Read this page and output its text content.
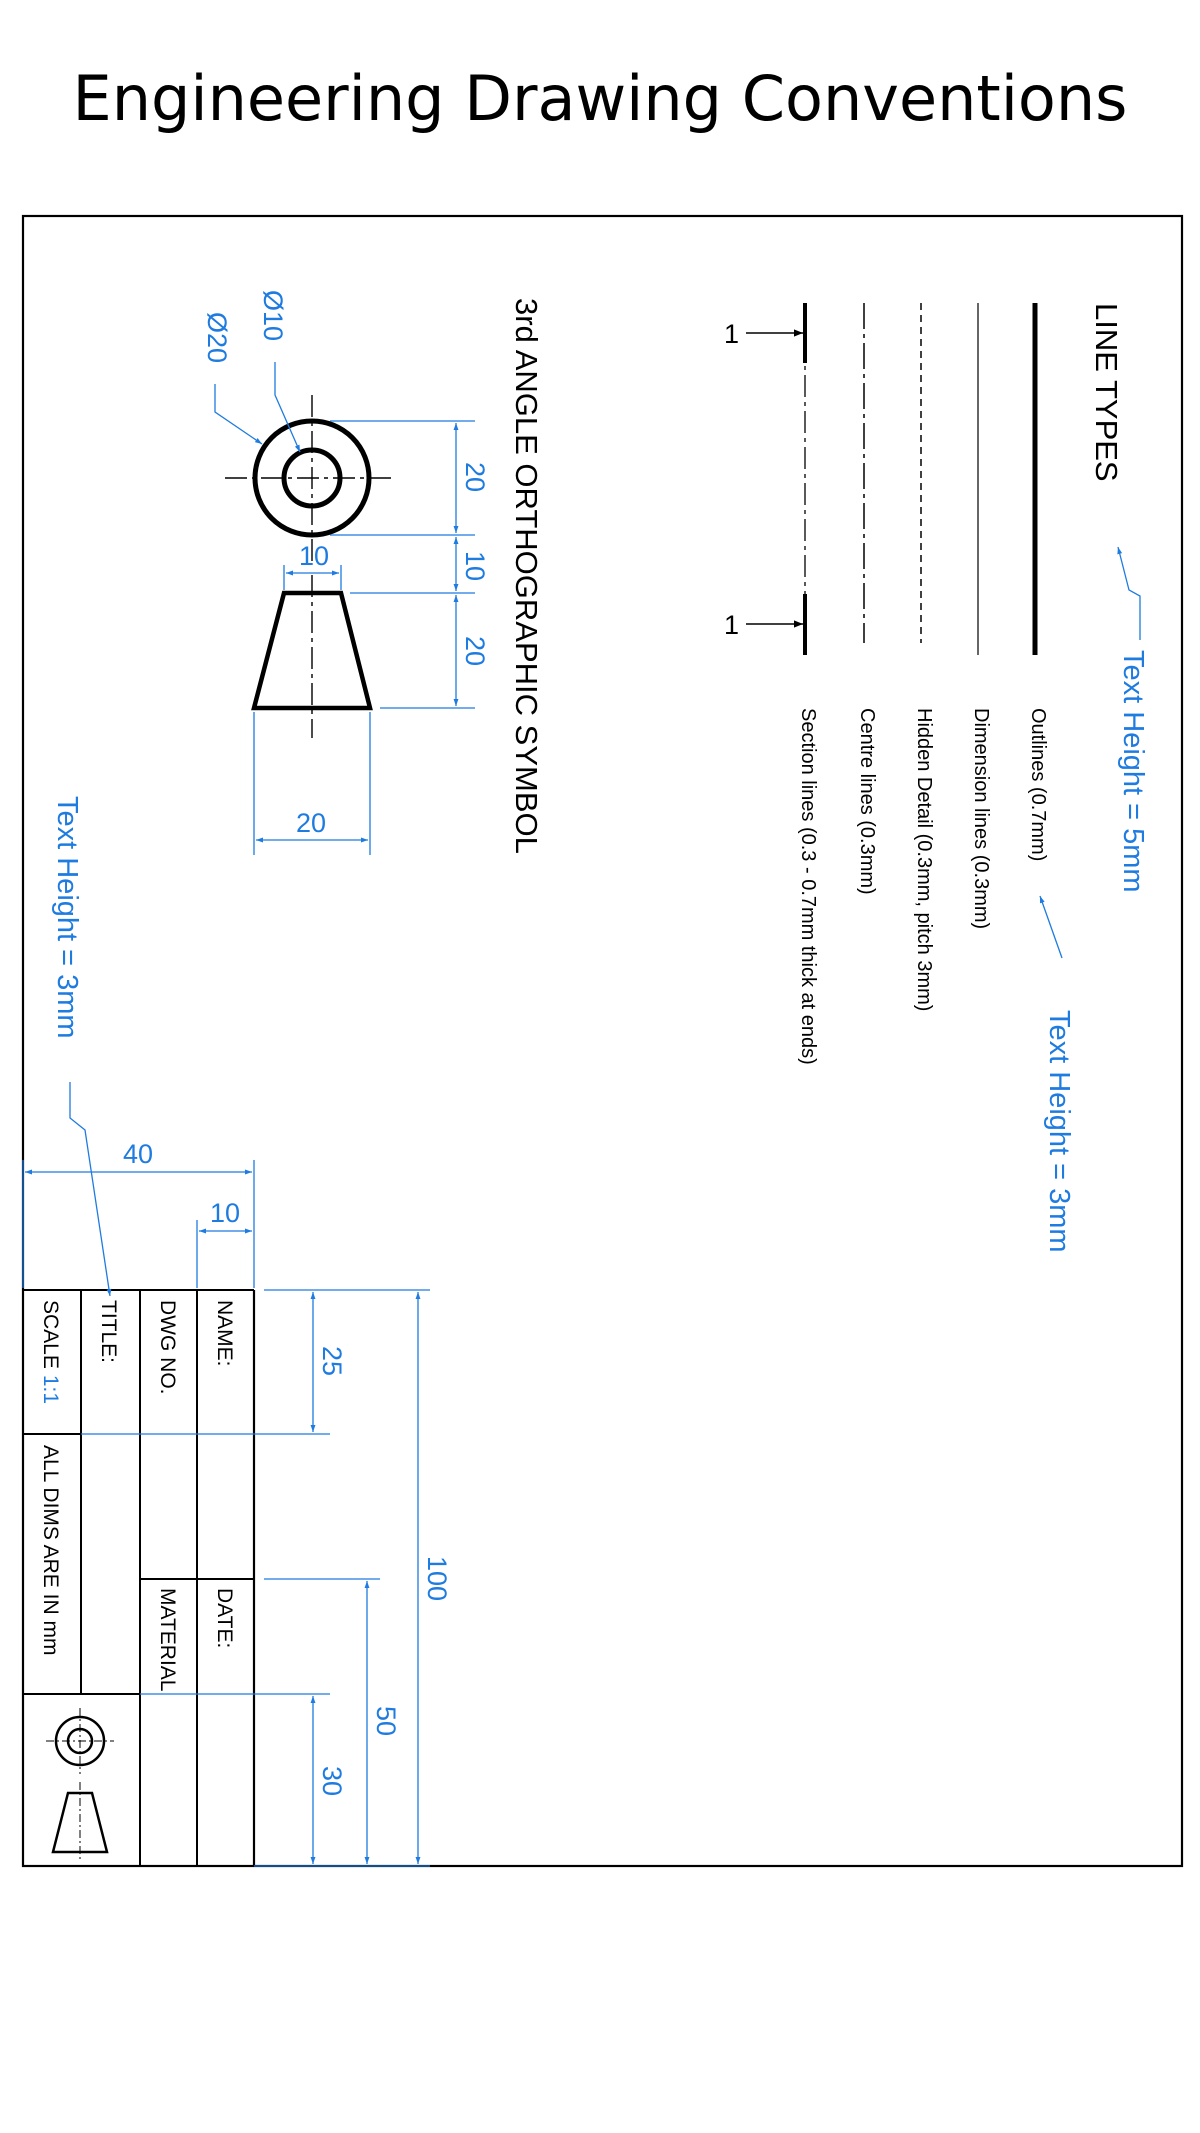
Engineering Drawing Conventions
LINE TYPES
1
1
Outlines (0.7mm)
Dimension lines (0.3mm)
Hidden Detail (0.3mm, pitch 3mm)
Centre lines (0.3mm)
Section lines (0.3 - 0.7mm thick at ends)	Text Height = 5mm
Text Height = 3mm
3rd ANGLE ORTHOGRAPHIC SYMBOL
20
10
20
10
20
Ø10
Ø20
NAME:
DATE:
DWG NO.
MATERIAL
TITLE:
SCALE1:1
ALL DIMS ARE IN mm
40
10
25
50
30
100
Text Height = 3mm
